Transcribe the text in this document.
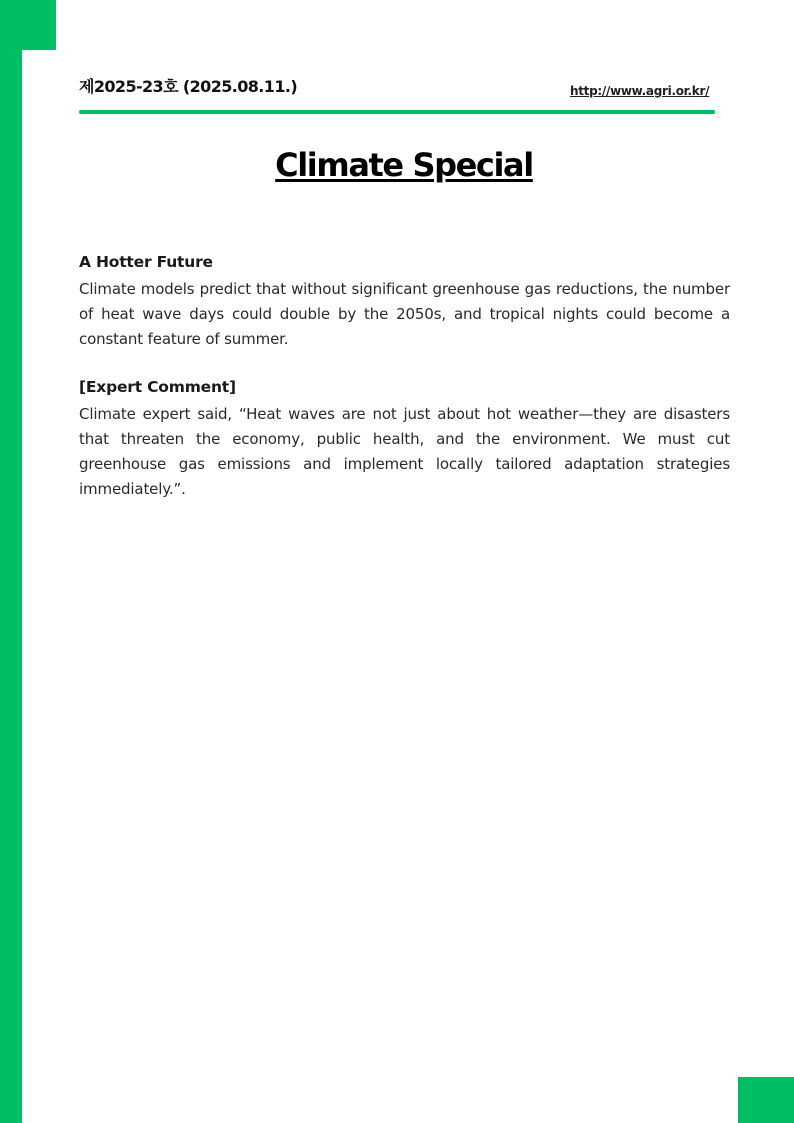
제2025-23호 (2025.08.11.)	http://www.agri.or.kr/
Climate Special
A Hotter Future
Climate models predict that without significant greenhouse gas reductions, the number of heat wave days could double by the 2050s, and tropical nights could become a constant feature of summer.
[Expert Comment]
Climate expert said, “Heat waves are not just about hot weather—they are disasters that threaten the economy, public health, and the environment. We must cut greenhouse gas emissions and implement locally tailored adaptation strategies immediately.”.
